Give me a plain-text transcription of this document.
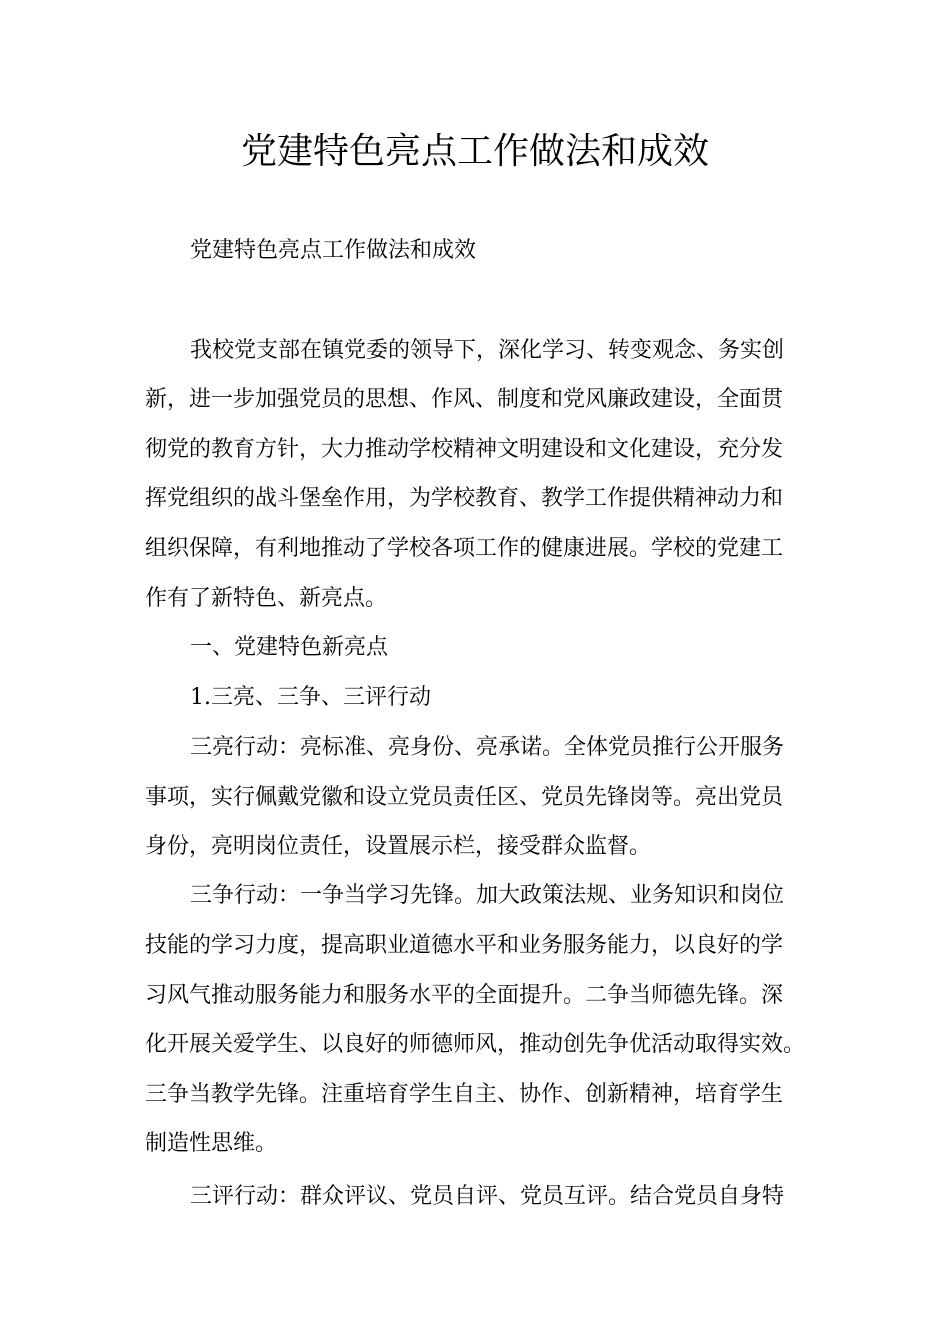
党建特色亮点工作做法和成效

党建特色亮点工作做法和成效

我校党支部在镇党委的领导下，深化学习、转变观念、务实创

新，进一步加强党员的思想、作风、制度和党风廉政建设，全面贯

彻党的教育方针，大力推动学校精神文明建设和文化建设，充分发

挥党组织的战斗堡垒作用，为学校教育、教学工作提供精神动力和

组织保障，有利地推动了学校各项工作的健康进展。学校的党建工

作有了新特色、新亮点。

一、党建特色新亮点

1.三亮、三争、三评行动

三亮行动：亮标准、亮身份、亮承诺。全体党员推行公开服务

事项，实行佩戴党徽和设立党员责任区、党员先锋岗等。亮出党员

身份，亮明岗位责任，设置展示栏，接受群众监督。

三争行动：一争当学习先锋。加大政策法规、业务知识和岗位

技能的学习力度，提高职业道德水平和业务服务能力，以良好的学

习风气推动服务能力和服务水平的全面提升。二争当师德先锋。深

化开展关爱学生、以良好的师德师风，推动创先争优活动取得实效。

三争当教学先锋。注重培育学生自主、协作、创新精神，培育学生

制造性思维。

三评行动：群众评议、党员自评、党员互评。结合党员自身特
